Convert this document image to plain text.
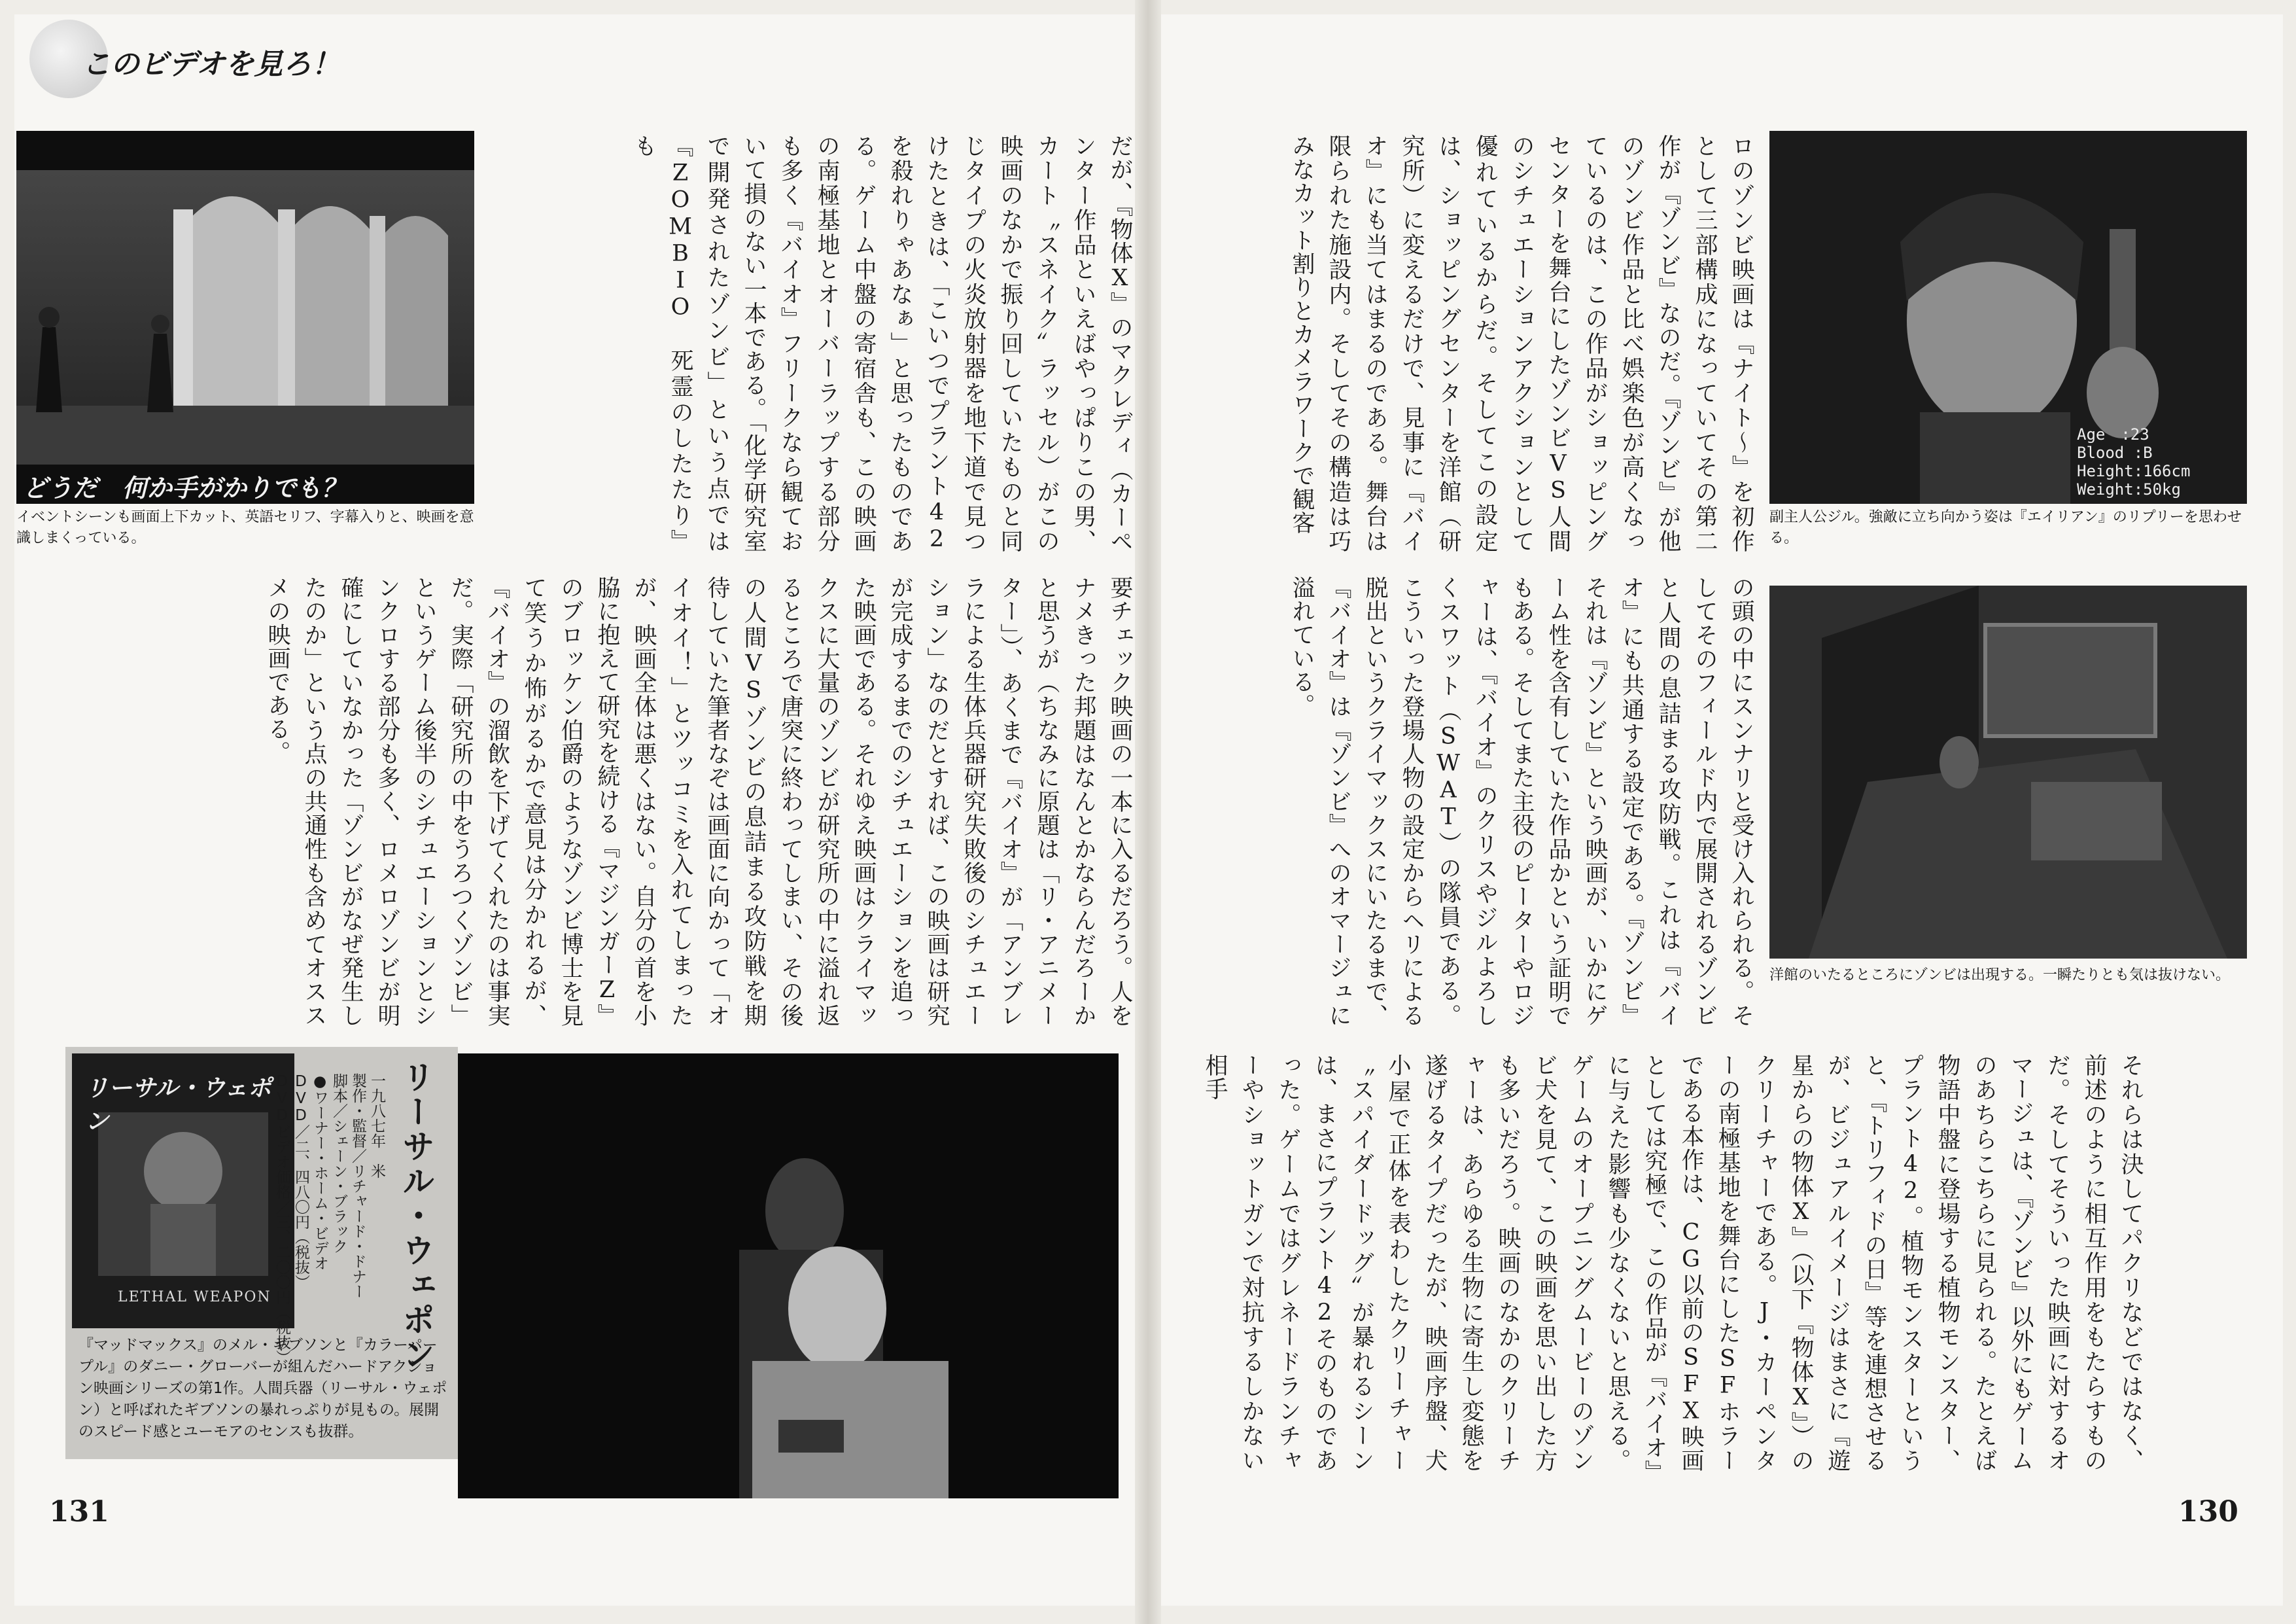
このビデオを見ろ！
どうだ　何か手がかりでも？
イベントシーンも画面上下カット、英語セリフ、字幕入りと、映画を意識しまくっている。	だが、『物体X』のマクレディ（カーペンター作品といえばやっぱりこの男、カート〝スネイク〟ラッセル）がこの映画のなかで振り回していたものと同じタイプの火炎放射器を地下道で見つけたときは、「こいつでプラント42を殺れりゃあなぁ」と思ったものである。ゲーム中盤の寄宿舎も、この映画の南極基地とオーバーラップする部分も多く『バイオ』フリークなら観ておいて損のない一本である。「化学研究室で開発されたゾンビ」という点では『ZOMBIO　死霊のしたたり』も

要チェック映画の一本に入るだろう。人をナメきった邦題はなんとかならんだろーかと思うが（ちなみに原題は「リ・アニメーター」）、あくまで『バイオ』が「アンブレラによる生体兵器研究失敗後のシチュエーション」なのだとすれば、この映画は研究が完成するまでのシチュエーションを追った映画である。それゆえ映画はクライマックスに大量のゾンビが研究所の中に溢れ返るところで唐突に終わってしまい、その後の人間VSゾンビの息詰まる攻防戦を期待していた筆者なぞは画面に向かって「オイオイ！」とツッコミを入れてしまったが、映画全体は悪くはない。自分の首を小脇に抱えて研究を続ける『マジンガーZ』のブロッケン伯爵のようなゾンビ博士を見て笑うか怖がるかで意見は分かれるが、『バイオ』の溜飲を下げてくれたのは事実だ。実際「研究所の中をうろつくゾンビ」というゲーム後半のシチュエーションとシンクロする部分も多く、ロメロゾンビが明確にしていなかった「ゾンビがなぜ発生したのか」という点の共通性も含めてオススメの映画である。

リーサル・ウェポン
LETHAL WEAPON	リーサル・ウェポン
一九八七年　米
製作・監督／リチャード・ドナー
脚本／シェーン・ブラック
●ワーナー・ホーム・ビデオ
DVD／二、四八〇円（税抜）
DVDビデオ価格／三、二〇〇円（税抜）
『マッドマックス』のメル・ギブソンと『カラーパープル』のダニー・グローバーが組んだハードアクション映画シリーズの第1作。人間兵器（リーサル・ウェポン）と呼ばれたギブソンの暴れっぷりが見もの。展開のスピード感とユーモアのセンスも抜群。
131
Age　:23
Blood :B
Height:166cm
Weight:50kg
副主人公ジル。強敵に立ち向かう姿は『エイリアン』のリプリーを思わせる。
洋館のいたるところにゾンビは出現する。一瞬たりとも気は抜けない。

ロのゾンビ映画は『ナイト～』を初作として三部構成になっていてその第二作が『ゾンビ』なのだ。『ゾンビ』が他のゾンビ作品と比べ娯楽色が高くなっているのは、この作品がショッピングセンターを舞台にしたゾンビVS人間のシチュエーションアクションとして優れているからだ。そしてこの設定は、ショッピングセンターを洋館（研究所）に変えるだけで、見事に『バイオ』にも当てはまるのである。舞台は限られた施設内。そしてその構造は巧みなカット割りとカメラワークで観客

の頭の中にスンナリと受け入れられる。そしてそのフィールド内で展開されるゾンビと人間の息詰まる攻防戦。これは『バイオ』にも共通する設定である。『ゾンビ』それは『ゾンビ』という映画が、いかにゲーム性を含有していた作品かという証明でもある。そしてまた主役のピーターやロジャーは、『バイオ』のクリスやジルよろしくスワット（SWAT）の隊員である。こういった登場人物の設定からヘリによる脱出というクライマックスにいたるまで、『バイオ』は『ゾンビ』へのオマージュに溢れている。

それらは決してパクリなどではなく、前述のように相互作用をもたらすものだ。そしてそういった映画に対するオマージュは、『ゾンビ』以外にもゲームのあちらこちらに見られる。たとえば物語中盤に登場する植物モンスター、プラント42。植物モンスターというと、『トリフィドの日』等を連想させるが、ビジュアルイメージはまさに『遊星からの物体X』（以下『物体X』）のクリーチャーである。J・カーペンターの南極基地を舞台にしたSFホラーである本作は、CG以前のSFX映画としては究極で、この作品が『バイオ』に与えた影響も少なくないと思える。ゲームのオープニングムービーのゾンビ犬を見て、この映画を思い出した方も多いだろう。映画のなかのクリーチャーは、あらゆる生物に寄生し変態を遂げるタイプだったが、映画序盤、犬小屋で正体を表わしたクリーチャー〝スパイダードッグ〟が暴れるシーンは、まさにプラント42そのものであった。ゲームではグレネードランチャーやショットガンで対抗するしかない相手

130
